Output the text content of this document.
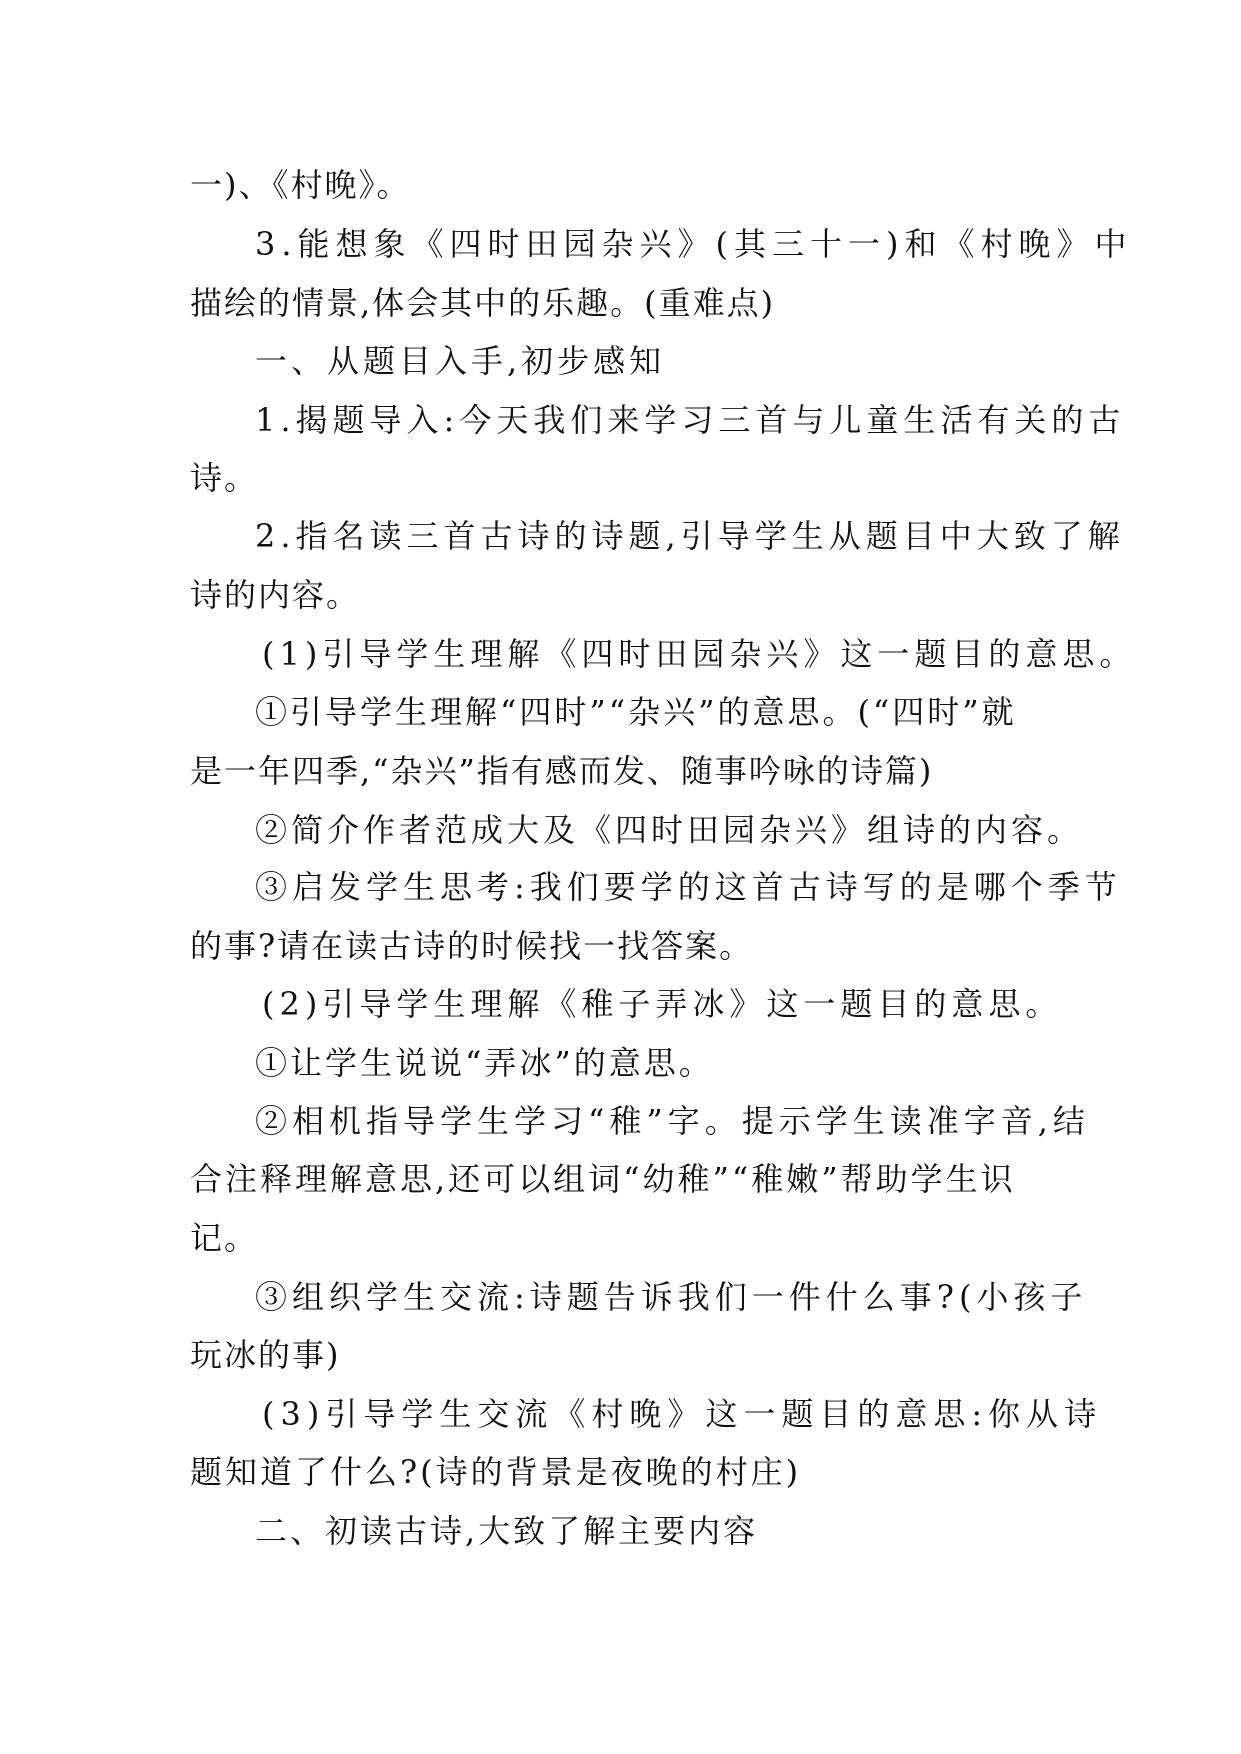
一)、《村晚》。
3.能想象《四时田园杂兴》(其三十一)和《村晚》中
描绘的情景,体会其中的乐趣。(重难点)
一、从题目入手,初步感知
1.揭题导入:今天我们来学习三首与儿童生活有关的古
诗。
2.指名读三首古诗的诗题,引导学生从题目中大致了解
诗的内容。
(1)引导学生理解《四时田园杂兴》这一题目的意思。
①引导学生理解“四时”“杂兴”的意思。(“四时”就
是一年四季,“杂兴”指有感而发、随事吟咏的诗篇)
②简介作者范成大及《四时田园杂兴》组诗的内容。
③启发学生思考:我们要学的这首古诗写的是哪个季节
的事?请在读古诗的时候找一找答案。
(2)引导学生理解《稚子弄冰》这一题目的意思。
①让学生说说“弄冰”的意思。
②相机指导学生学习“稚”字。提示学生读准字音,结
合注释理解意思,还可以组词“幼稚”“稚嫩”帮助学生识
记。
③组织学生交流:诗题告诉我们一件什么事?(小孩子
玩冰的事)
(3)引导学生交流《村晚》这一题目的意思:你从诗
题知道了什么?(诗的背景是夜晚的村庄)
二、初读古诗,大致了解主要内容
